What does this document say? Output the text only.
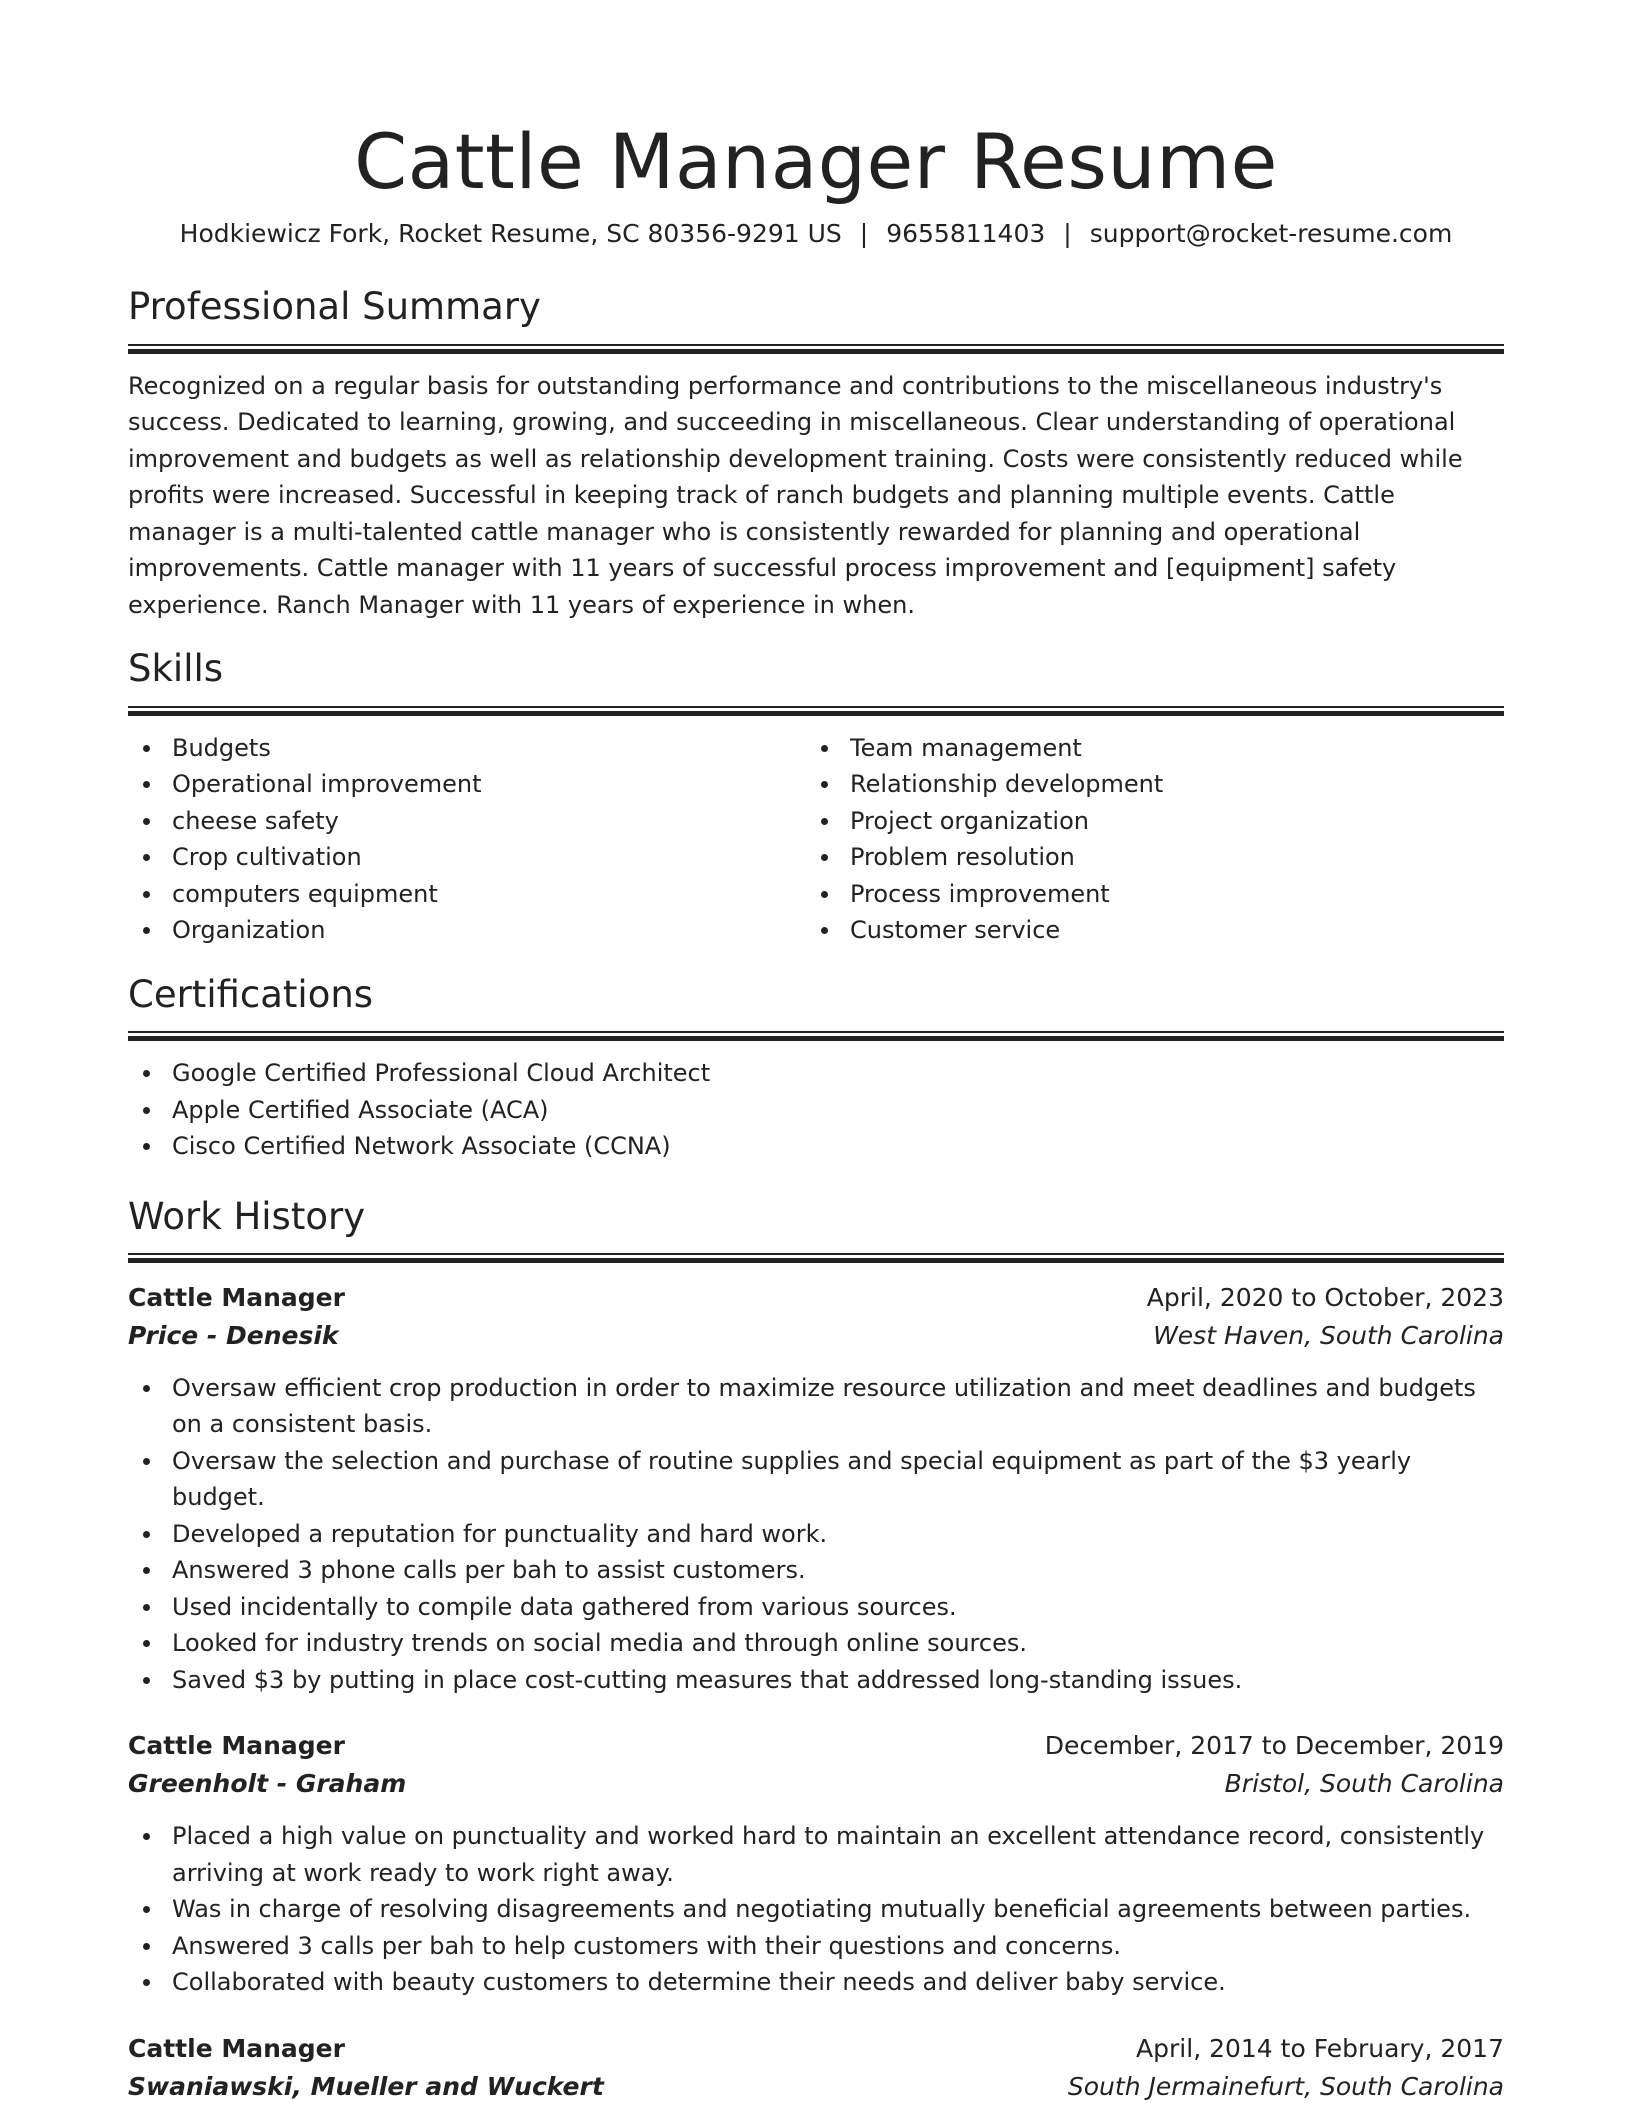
Cattle Manager Resume
Hodkiewicz Fork, Rocket Resume, SC 80356-9291 US | 9655811403 | support@rocket-resume.com
Professional Summary

Recognized on a regular basis for outstanding performance and contributions to the miscellaneous industry's success. Dedicated to learning, growing, and succeeding in miscellaneous. Clear understanding of operational improvement and budgets as well as relationship development training. Costs were consistently reduced while profits were increased. Successful in keeping track of ranch budgets and planning multiple events. Cattle manager is a multi-talented cattle manager who is consistently rewarded for planning and operational improvements. Cattle manager with 11 years of successful process improvement and [equipment] safety experience. Ranch Manager with 11 years of experience in when.

Skills
Budgets
Operational improvement
cheese safety
Crop cultivation
computers equipment
Organization
Team management
Relationship development
Project organization
Problem resolution
Process improvement
Customer service
Certifications
Google Certified Professional Cloud Architect
Apple Certified Associate (ACA)
Cisco Certified Network Associate (CCNA)
Work History
Cattle Manager	April, 2020 to October, 2023
Price - Denesik	West Haven, South Carolina
Oversaw efficient crop production in order to maximize resource utilization and meet deadlines and budgets on a consistent basis.
Oversaw the selection and purchase of routine supplies and special equipment as part of the $3 yearly budget.
Developed a reputation for punctuality and hard work.
Answered 3 phone calls per bah to assist customers.
Used incidentally to compile data gathered from various sources.
Looked for industry trends on social media and through online sources.
Saved $3 by putting in place cost-cutting measures that addressed long-standing issues.
Cattle Manager	December, 2017 to December, 2019
Greenholt - Graham	Bristol, South Carolina
Placed a high value on punctuality and worked hard to maintain an excellent attendance record, consistently arriving at work ready to work right away.
Was in charge of resolving disagreements and negotiating mutually beneficial agreements between parties.
Answered 3 calls per bah to help customers with their questions and concerns.
Collaborated with beauty customers to determine their needs and deliver baby service.
Cattle Manager	April, 2014 to February, 2017
Swaniawski, Mueller and Wuckert	South Jermainefurt, South Carolina
